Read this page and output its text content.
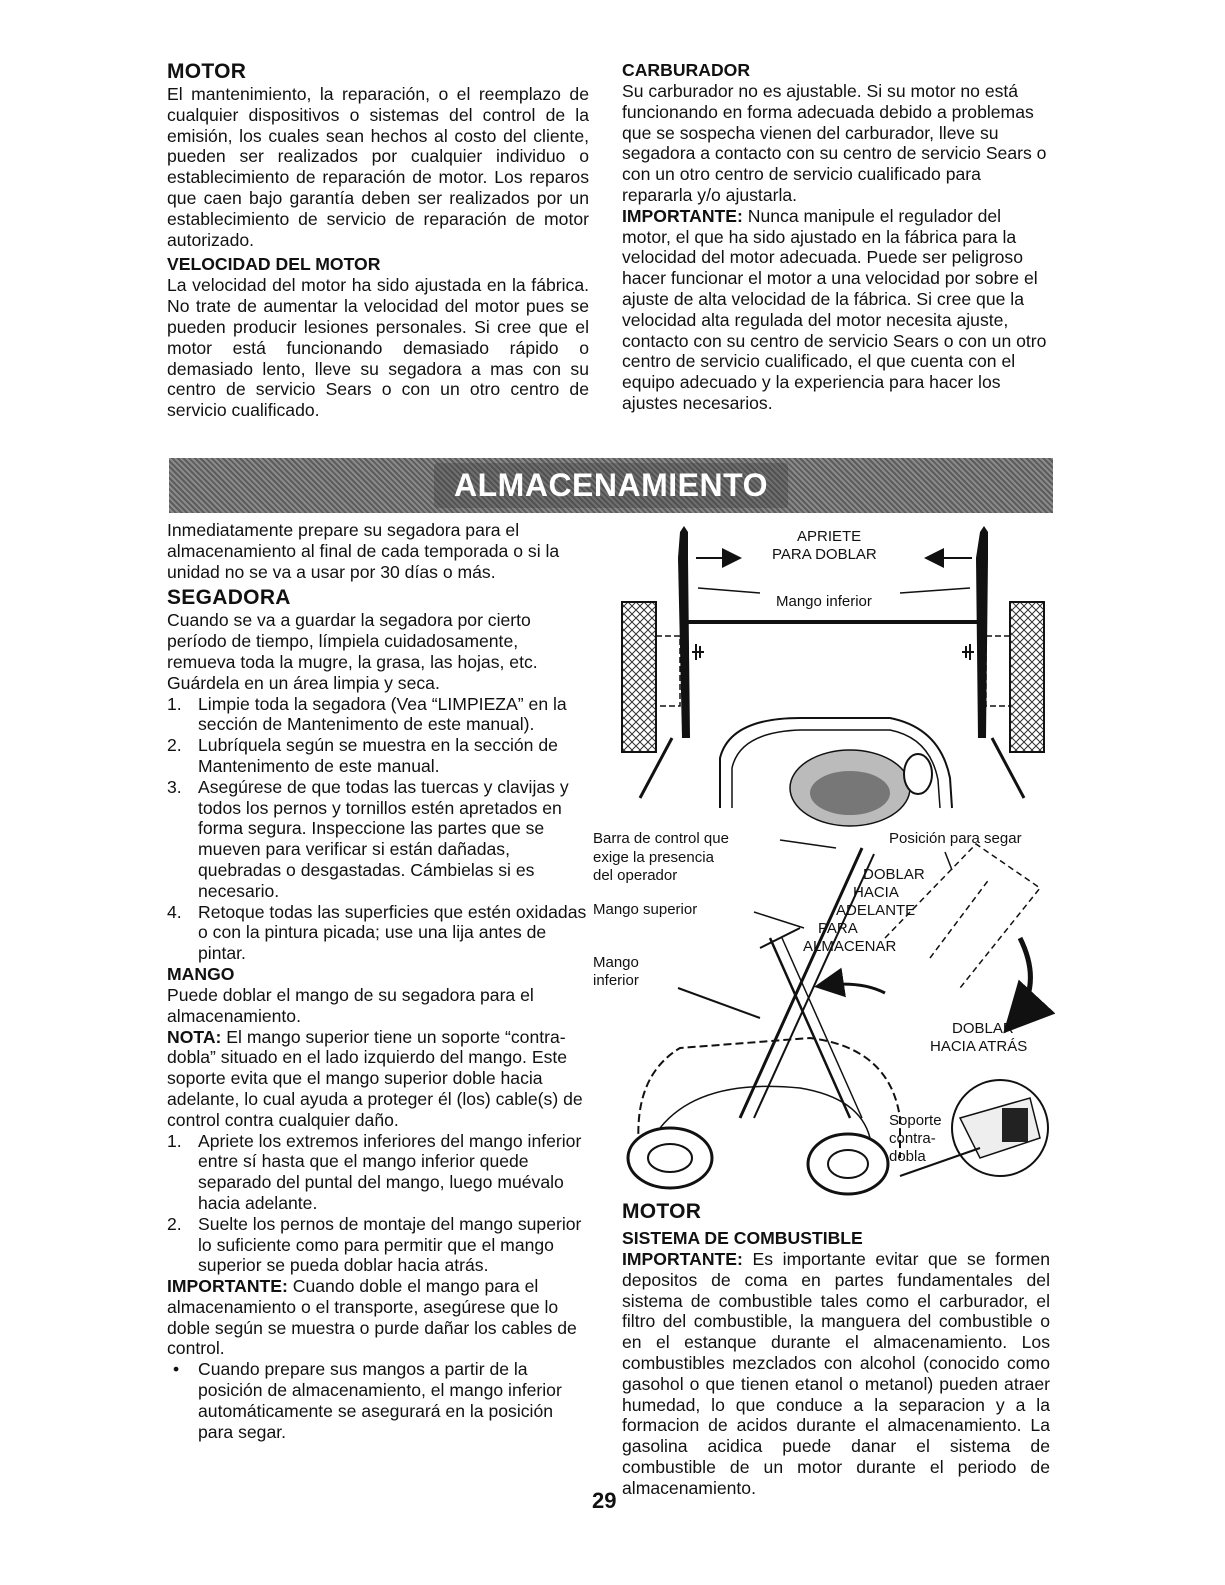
MOTOR

El mantenimiento, la reparación, o el reemplazo de cualquier dispositivos o sistemas del control de la emisión, los cuales sean hechos al costo del cliente, pueden ser realizados por cualquier individuo o establecimiento de reparación de motor. Los reparos que caen bajo garantía deben ser realizados por un establecimiento de servicio de reparación de motor autorizado.

VELOCIDAD DEL MOTOR

La velocidad del motor ha sido ajustada en la fábrica. No trate de aumentar la velocidad del motor pues se pueden producir lesiones personales. Si cree que el motor está funcionando demasiado rápido o demasiado lento, lleve su segadora a mas con su centro de servicio Sears o con un otro centro de servicio cualificado.

CARBURADOR

Su carburador no es ajustable. Si su motor no está funcionando en forma adecuada debido a problemas que se sospecha vienen del carburador, lleve su segadora a contacto con su centro de servicio Sears o con un otro centro de servicio cualificado para repararla y/o ajustarla.

IMPORTANTE: Nunca manipule el regulador del motor, el que ha sido ajustado en la fábrica para la velocidad del motor adecuada. Puede ser peligroso hacer funcionar el motor a una velocidad por sobre el ajuste de alta velocidad de la fábrica. Si cree que la velocidad alta regulada del motor necesita ajuste, contacto con su centro de servicio Sears o con un otro centro de servicio cualificado, el que cuenta con el equipo adecuado y la experiencia para hacer los ajustes necesarios.

ALMACENAMIENTO

Inmediatamente prepare su segadora para el almacenamiento al final de cada temporada o si la unidad no se va a usar por 30 días o más.

SEGADORA

Cuando se va a guardar la segadora por cierto período de tiempo, límpiela cuidadosamente, remueva toda la mugre, la grasa, las hojas, etc. Guárdela en un área limpia y seca.

1. Limpie toda la segadora (Vea “LIMPIEZA” en la sección de Mantenimento de este manual).
2. Lubríquela según se muestra en la sección de Mantenimento de este manual.
3. Asegúrese de que todas las tuercas y clavijas y todos los pernos y tornillos estén apretados en forma segura. Inspeccione las partes que se mueven para verificar si están dañadas, quebradas o desgastadas. Cámbielas si es necesario.
4. Retoque todas las superficies que estén oxidadas o con la pintura picada; use una lija antes de pintar.

MANGO

Puede doblar el mango de su segadora para el almacenamiento.

NOTA: El mango superior tiene un soporte “contra-dobla” situado en el lado izquierdo del mango. Este soporte evita que el mango superior doble hacia adelante, lo cual ayuda a proteger él (los) cable(s) de control contra cualquier daño.

1. Apriete los extremos inferiores del mango inferior entre sí hasta que el mango inferior quede separado del puntal del mango, luego muévalo hacia adelante.
2. Suelte los pernos de montaje del mango superior lo suficiente como para permitir que el mango superior se pueda doblar hacia atrás.

IMPORTANTE: Cuando doble el mango para el almacenamiento o el transporte, asegúrese que lo doble según se muestra o purde dañar los cables de control.

• Cuando prepare sus mangos a partir de la posición de almacenamiento, el mango inferior automáticamente se asegurará en la posición para segar.
APRIETE
PARA DOBLAR
Mango inferior
Barra de control que
exige la presencia
del operador
Posición para segar
Mango superior
Mango
inferior
DOBLAR
HACIA
ADELANTE
PARA
ALMACENAR
DOBLAR
HACIA ATRÁS
Soporte
contra-
dobla

MOTOR

SISTEMA DE COMBUSTIBLE

IMPORTANTE: Es importante evitar que se formen depositos de coma en partes fundamentales del sistema de combustible tales como el carburador, el filtro del combustible, la manguera del combustible o en el estanque durante el almacenamiento. Los combustibles mezclados con alcohol (conocido como gasohol o que tienen etanol o metanol) pueden atraer humedad, lo que conduce a la separacion y a la formacion de acidos durante el almacenamiento. La gasolina acidica puede danar el sistema de combustible de un motor durante el periodo de almacenamiento.

29
